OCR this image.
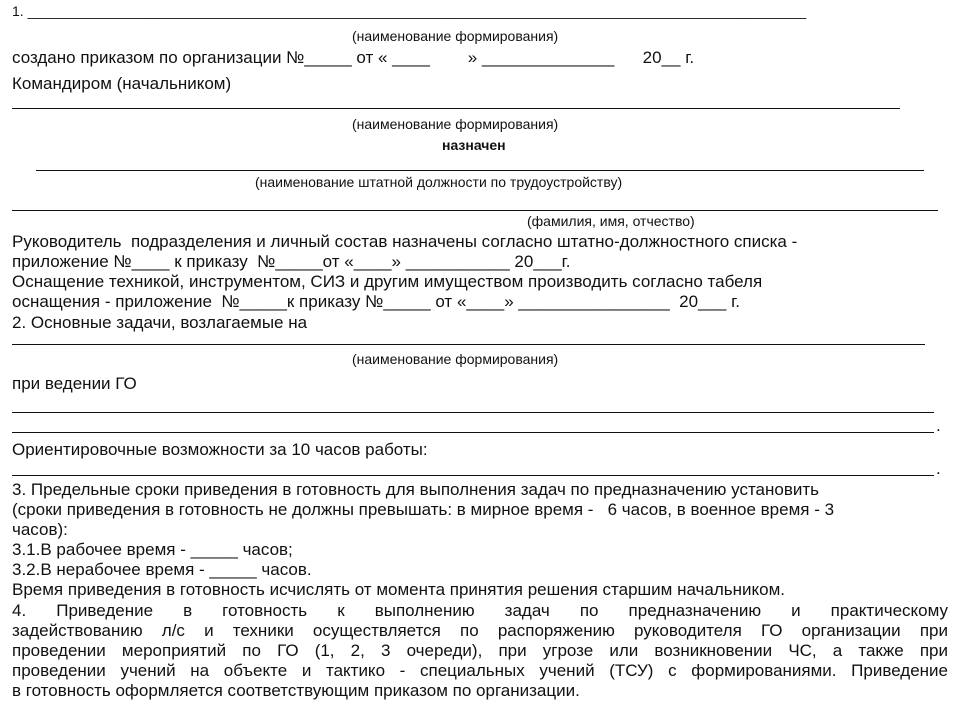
1. ____________________________________________________________________________________________________
(наименование формирования)
создано приказом по организации №_____ от « ____        » ______________      20__ г.
Командиром (начальником)
(наименование формирования)
назначен
(наименование штатной должности по трудоустройству)
(фамилия, имя, отчество)
Руководитель  подразделения и личный состав назначены согласно штатно-должностного списка -
приложение №____ к приказу  №_____от «____» ___________ 20___г.
Оснащение техникой, инструментом, СИЗ и другим имуществом производить согласно табеля
оснащения - приложение  №_____к приказу №_____ от «____» ________________  20___ г.
2. Основные задачи, возлагаемые на
(наименование формирования)
при ведении ГО
.
Ориентировочные возможности за 10 часов работы:
.
3. Предельные сроки приведения в готовность для выполнения задач по предназначению установить
(сроки приведения в готовность не должны превышать: в мирное время -   6 часов, в военное время - 3
часов):
3.1.В рабочее время - _____ часов;
3.2.В нерабочее время - _____ часов.
Время приведения в готовность исчислять от момента принятия решения старшим начальником.
4. Приведение в готовность к выполнению задач по предназначению и практическому
задействованию л/с и техники осуществляется по распоряжению руководителя ГО организации при
проведении мероприятий по ГО (1, 2, 3 очереди), при угрозе или возникновении ЧС, а также при
проведении учений на объекте и тактико - специальных учений (ТСУ) с формированиями. Приведение
в готовность оформляется соответствующим приказом по организации.
